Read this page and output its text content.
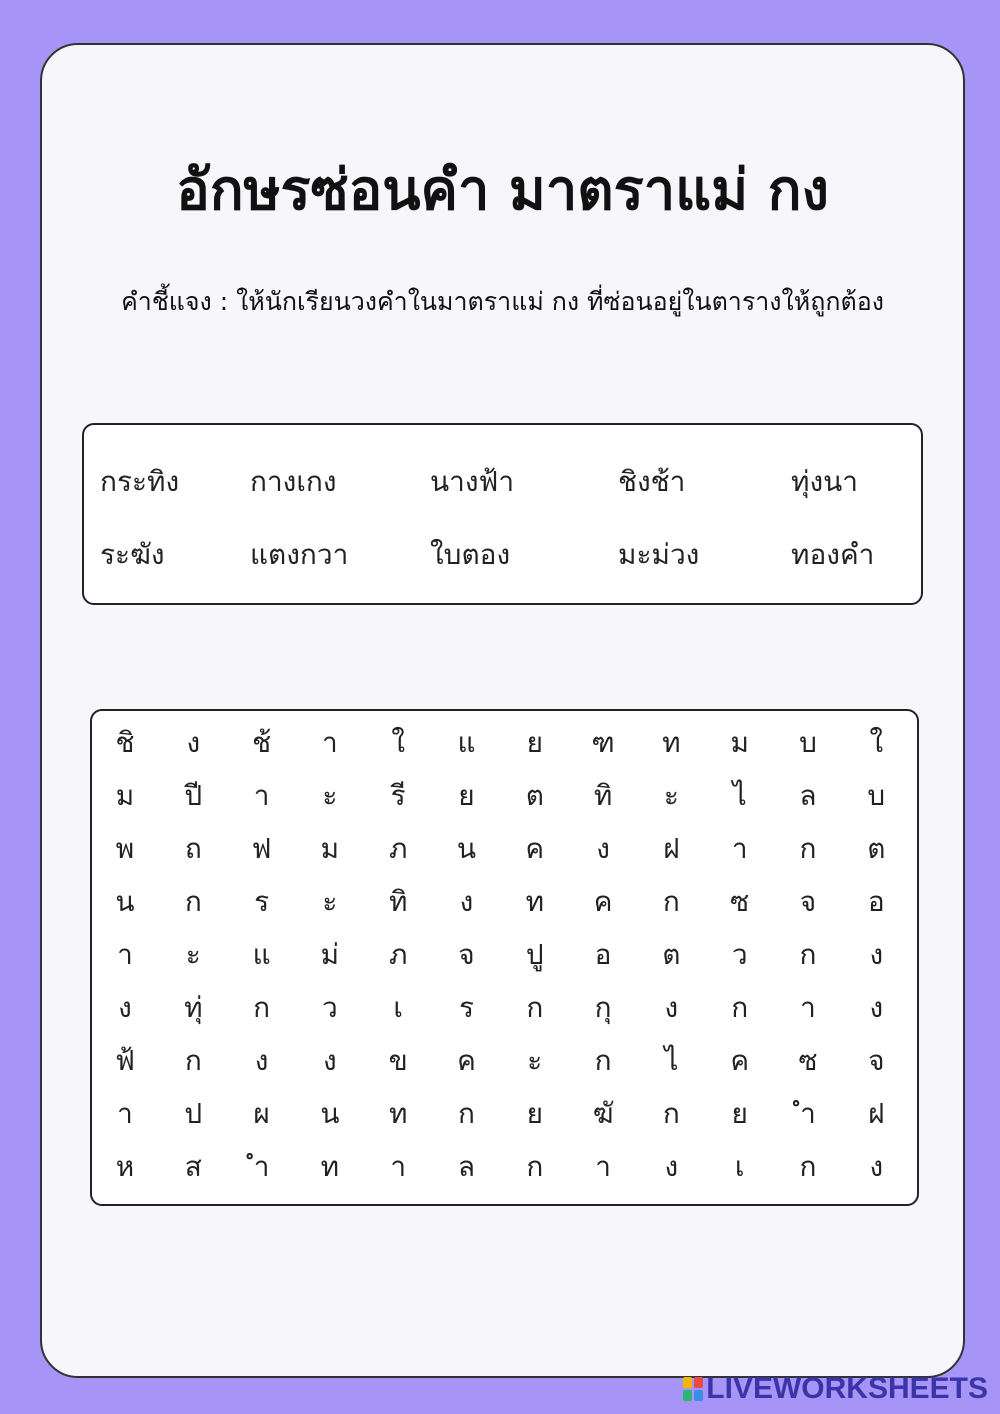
อักษรซ่อนคำ มาตราแม่ กง
คำชี้แจง : ให้นักเรียนวงคำในมาตราแม่ กง ที่ซ่อนอยู่ในตารางให้ถูกต้อง
กระทิง	กางเกง	นางฟ้า	ชิงช้า	ทุ่งนา
ระฆัง	แตงกวา	ใบตอง	มะม่วง	ทองคำ
ชิ	ง	ช้	า	ใ	แ	ย	ฑ	ท	ม	บ	ใ
ม	ปี	า	ะ	รี	ย	ต	ทิ	ะ	ไ	ล	บ
พ	ถ	ฟ	ม	ภ	น	ค	ง	ฝ	า	ก	ต
น	ก	ร	ะ	ทิ	ง	ท	ค	ก	ซ	จ	อ
า	ะ	แ	ม่	ภ	จ	ปู	อ	ต	ว	ก	ง
ง	ทุ่	ก	ว	เ	ร	ก	กุ	ง	ก	า	ง
ฟ้	ก	ง	ง	ข	ค	ะ	ก	ไ	ค	ซ	จ
า	ป	ผ	น	ท	ก	ย	ฆั	ก	ย	ำ	ฝ
ห	ส	ำ	ท	า	ล	ก	า	ง	เ	ก	ง
LIVEWORKSHEETS
